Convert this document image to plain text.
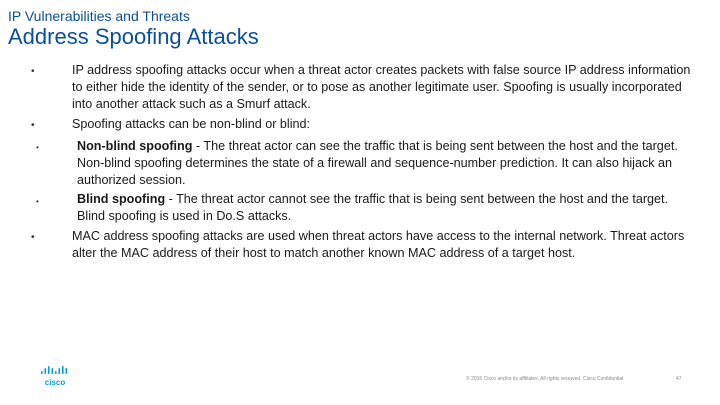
IP Vulnerabilities and Threats
Address Spoofing Attacks
•	IP address spoofing attacks occur when a threat actor creates packets with false source IP address information to either hide the identity of the sender, or to pose as another legitimate user. Spoofing is usually incorporated into another attack such as a Smurf attack.
•	Spoofing attacks can be non-blind or blind:
•	Non-blind spoofing - The threat actor can see the traffic that is being sent between the host and the target. Non-blind spoofing determines the state of a firewall and sequence-number prediction. It can also hijack an authorized session.
•	Blind spoofing - The threat actor cannot see the traffic that is being sent between the host and the target. Blind spoofing is used in Do.S attacks.
•	MAC address spoofing attacks are used when threat actors have access to the internal network. Threat actors alter the MAC address of their host to match another known MAC address of a target host.
cisco	© 2016 Cisco and/or its affiliates. All rights reserved. Cisco Confidential	47
